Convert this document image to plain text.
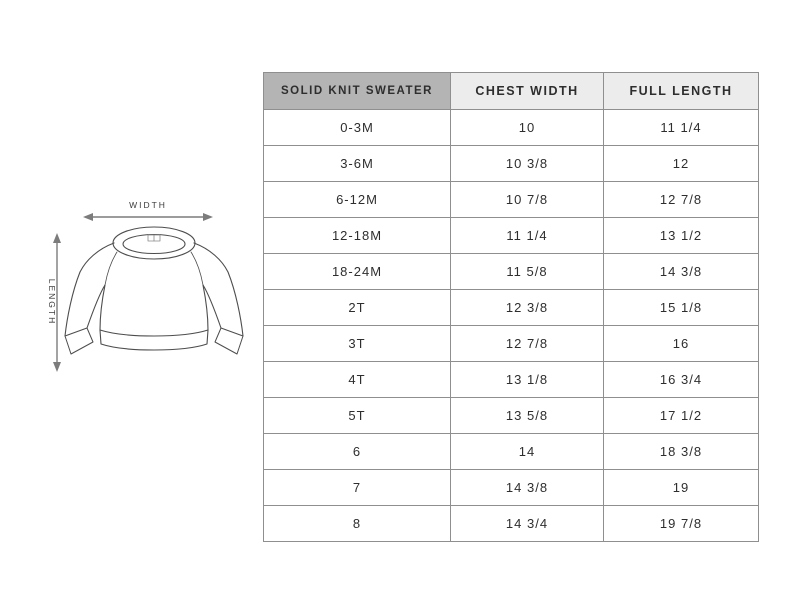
WIDTH
LENGTH
SOLID KNIT SWEATER	CHEST WIDTH	FULL LENGTH
0-3M	10	11 1/4
3-6M	10 3/8	12
6-12M	10 7/8	12 7/8
12-18M	11 1/4	13 1/2
18-24M	11 5/8	14 3/8
2T	12 3/8	15 1/8
3T	12 7/8	16
4T	13 1/8	16 3/4
5T	13 5/8	17 1/2
6	14	18 3/8
7	14 3/8	19
8	14 3/4	19 7/8
